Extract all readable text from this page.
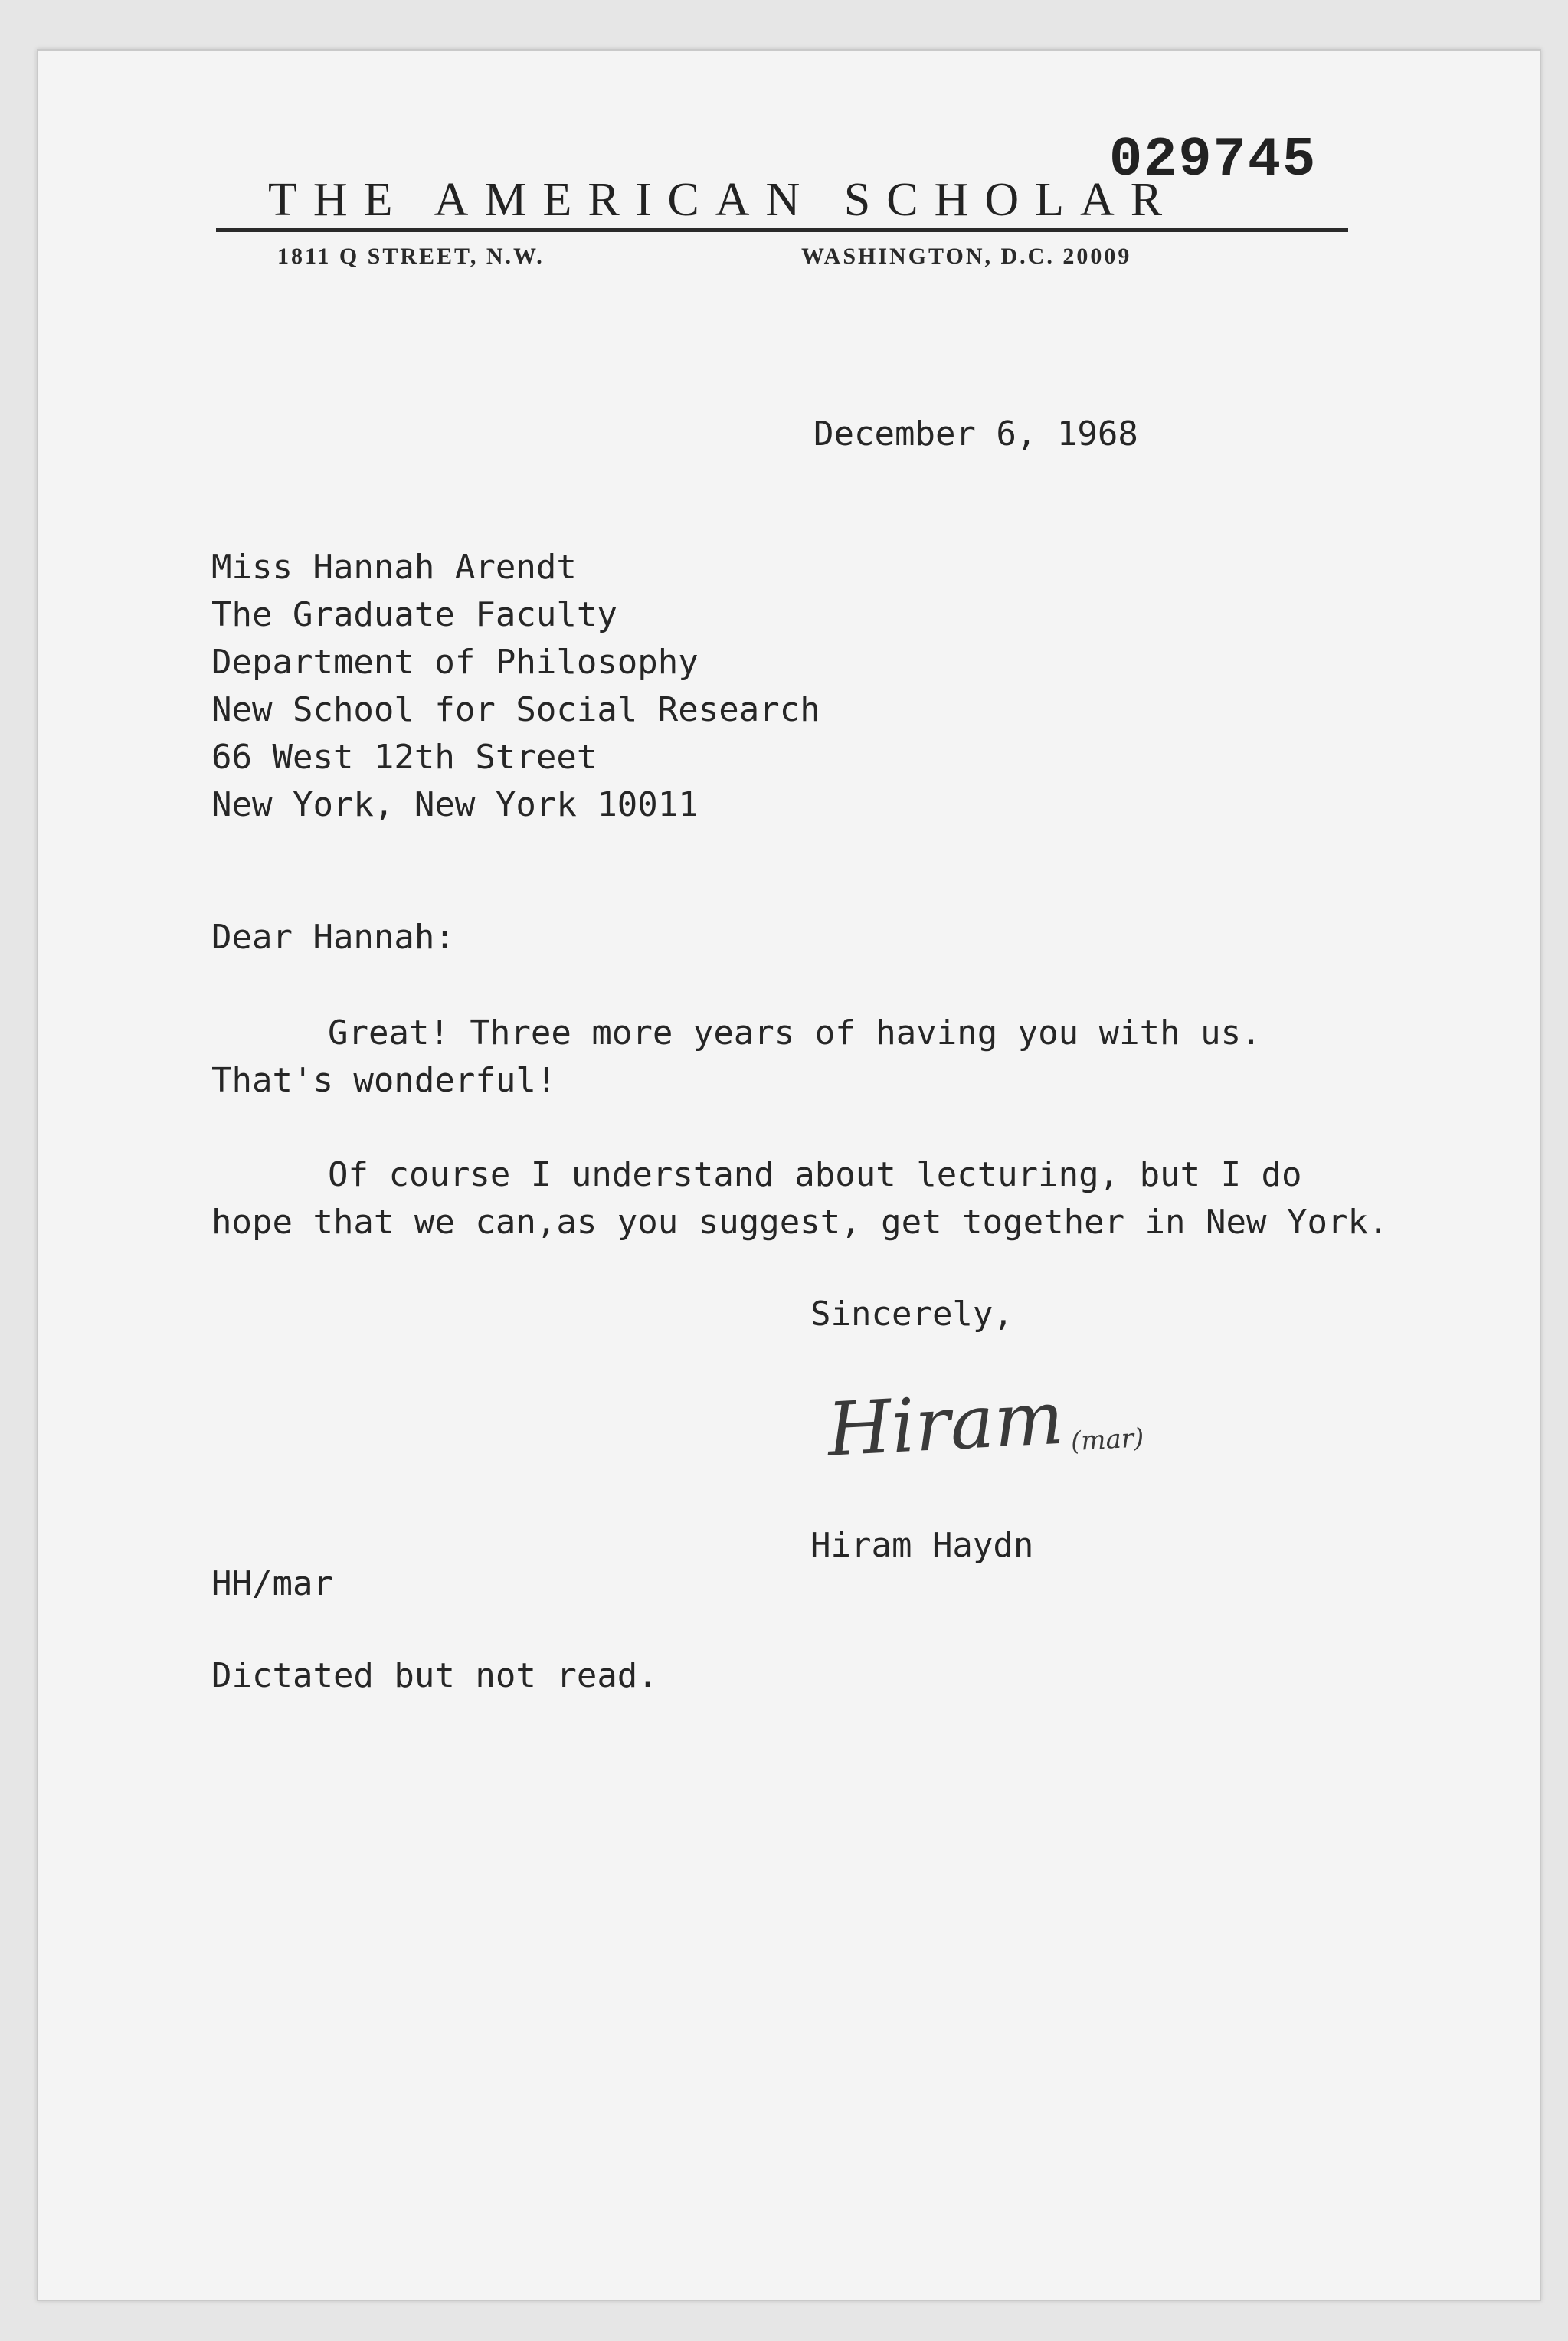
029745
THE AMERICAN SCHOLAR
1811 Q STREET, N.W.	WASHINGTON, D.C. 20009
December 6, 1968
Miss Hannah Arendt
The Graduate Faculty
Department of Philosophy
New School for Social Research
66 West 12th Street
New York, New York 10011
Dear Hannah:
Great! Three more years of having you with us.
That's wonderful!
Of course I understand about lecturing, but I do
hope that we can,as you suggest, get together in New York.
Sincerely,
Hiram (mar)
Hiram Haydn
HH/mar
Dictated but not read.
